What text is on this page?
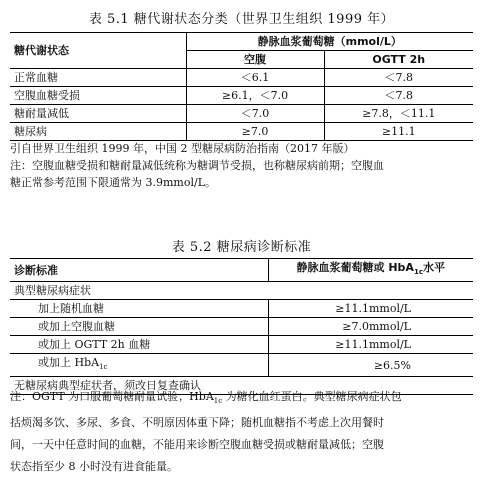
表 5.1 糖代谢状态分类（世界卫生组织 1999 年）
糖代谢状态	静脉血浆葡萄糖（mmol/L）	
	空腹	OGTT 2h
正常血糖	＜6.1	＜7.8
空腹血糖受损	≥6.1，＜7.0	＜7.8
糖耐量减低	＜7.0	≥7.8，＜11.1
糖尿病	≥7.0	≥11.1
引自世界卫生组织 1999 年，中国 2 型糖尿病防治指南（2017 年版）
注：空腹血糖受损和糖耐量减低统称为糖调节受损，也称糖尿病前期；空腹血
糖正常参考范围下限通常为 3.9mmol/L。
表 5.2 糖尿病诊断标准
诊断标准	静脉血浆葡萄糖或 HbA$_{1c}$水平
典型糖尿病症状	
加上随机血糖	≥11.1mmol/L
或加上空腹血糖	≥7.0mmol/L
或加上 OGTT 2h 血糖	≥11.1mmol/L
或加上 HbA$_{1c}$	≥6.5%
无糖尿病典型症状者，须改日复查确认	
注：OGTT 为口服葡萄糖耐量试验；HbA$_{1c}$ 为糖化血红蛋白。典型糖尿病症状包
括烦渴多饮、多尿、多食、不明原因体重下降；随机血糖指不考虑上次用餐时
间，一天中任意时间的血糖，不能用来诊断空腹血糖受损或糖耐量减低；空腹
状态指至少 8 小时没有进食能量。
